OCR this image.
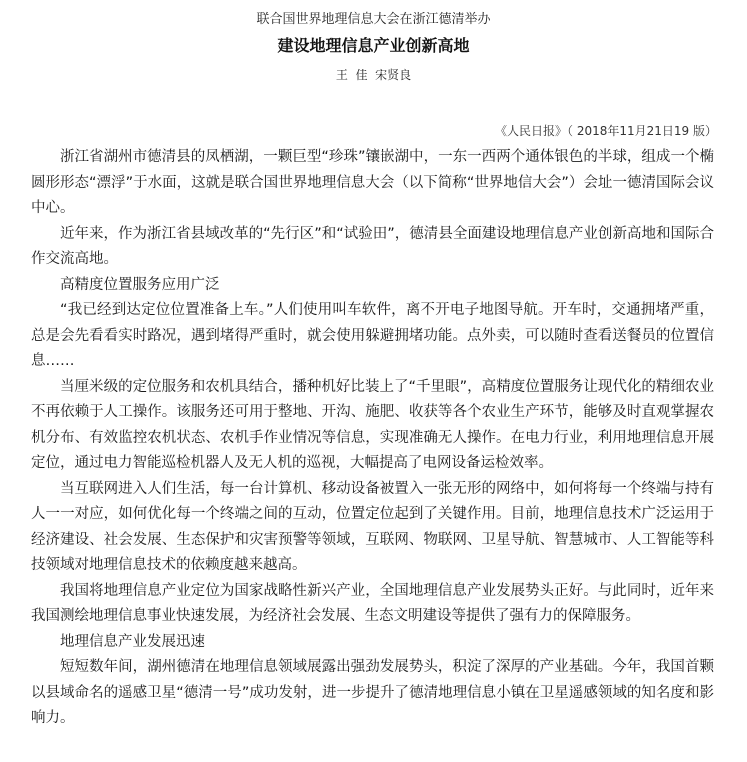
联合国世界地理信息大会在浙江德清举办
建设地理信息产业创新高地
王  佳  宋贤良
《人民日报》（ 2018年11月21日19 版）

浙江省湖州市德清县的凤栖湖，一颗巨型“珍珠”镶嵌湖中，一东一西两个通体银色的半球，组成一个椭圆形形态“漂浮”于水面，这就是联合国世界地理信息大会（以下简称“世界地信大会”）会址一德清国际会议中心。

近年来，作为浙江省县域改革的“先行区”和“试验田”，德清县全面建设地理信息产业创新高地和国际合作交流高地。

高精度位置服务应用广泛

“我已经到达定位位置准备上车。”人们使用叫车软件，离不开电子地图导航。开车时，交通拥堵严重，总是会先看看实时路况，遇到堵得严重时，就会使用躲避拥堵功能。点外卖，可以随时查看送餐员的位置信息……

当厘米级的定位服务和农机具结合，播种机好比装上了“千里眼”，高精度位置服务让现代化的精细农业不再依赖于人工操作。该服务还可用于整地、开沟、施肥、收获等各个农业生产环节，能够及时直观掌握农机分布、有效监控农机状态、农机手作业情况等信息，实现准确无人操作。在电力行业，利用地理信息开展定位，通过电力智能巡检机器人及无人机的巡视，大幅提高了电网设备运检效率。

当互联网进入人们生活，每一台计算机、移动设备被置入一张无形的网络中，如何将每一个终端与持有人一一对应，如何优化每一个终端之间的互动，位置定位起到了关键作用。目前，地理信息技术广泛运用于经济建设、社会发展、生态保护和灾害预警等领域，互联网、物联网、卫星导航、智慧城市、人工智能等科技领域对地理信息技术的依赖度越来越高。

我国将地理信息产业定位为国家战略性新兴产业，全国地理信息产业发展势头正好。与此同时，近年来我国测绘地理信息事业快速发展，为经济社会发展、生态文明建设等提供了强有力的保障服务。

地理信息产业发展迅速

短短数年间，湖州德清在地理信息领域展露出强劲发展势头，积淀了深厚的产业基础。今年，我国首颗以县域命名的遥感卫星“德清一号”成功发射，进一步提升了德清地理信息小镇在卫星遥感领域的知名度和影响力。
